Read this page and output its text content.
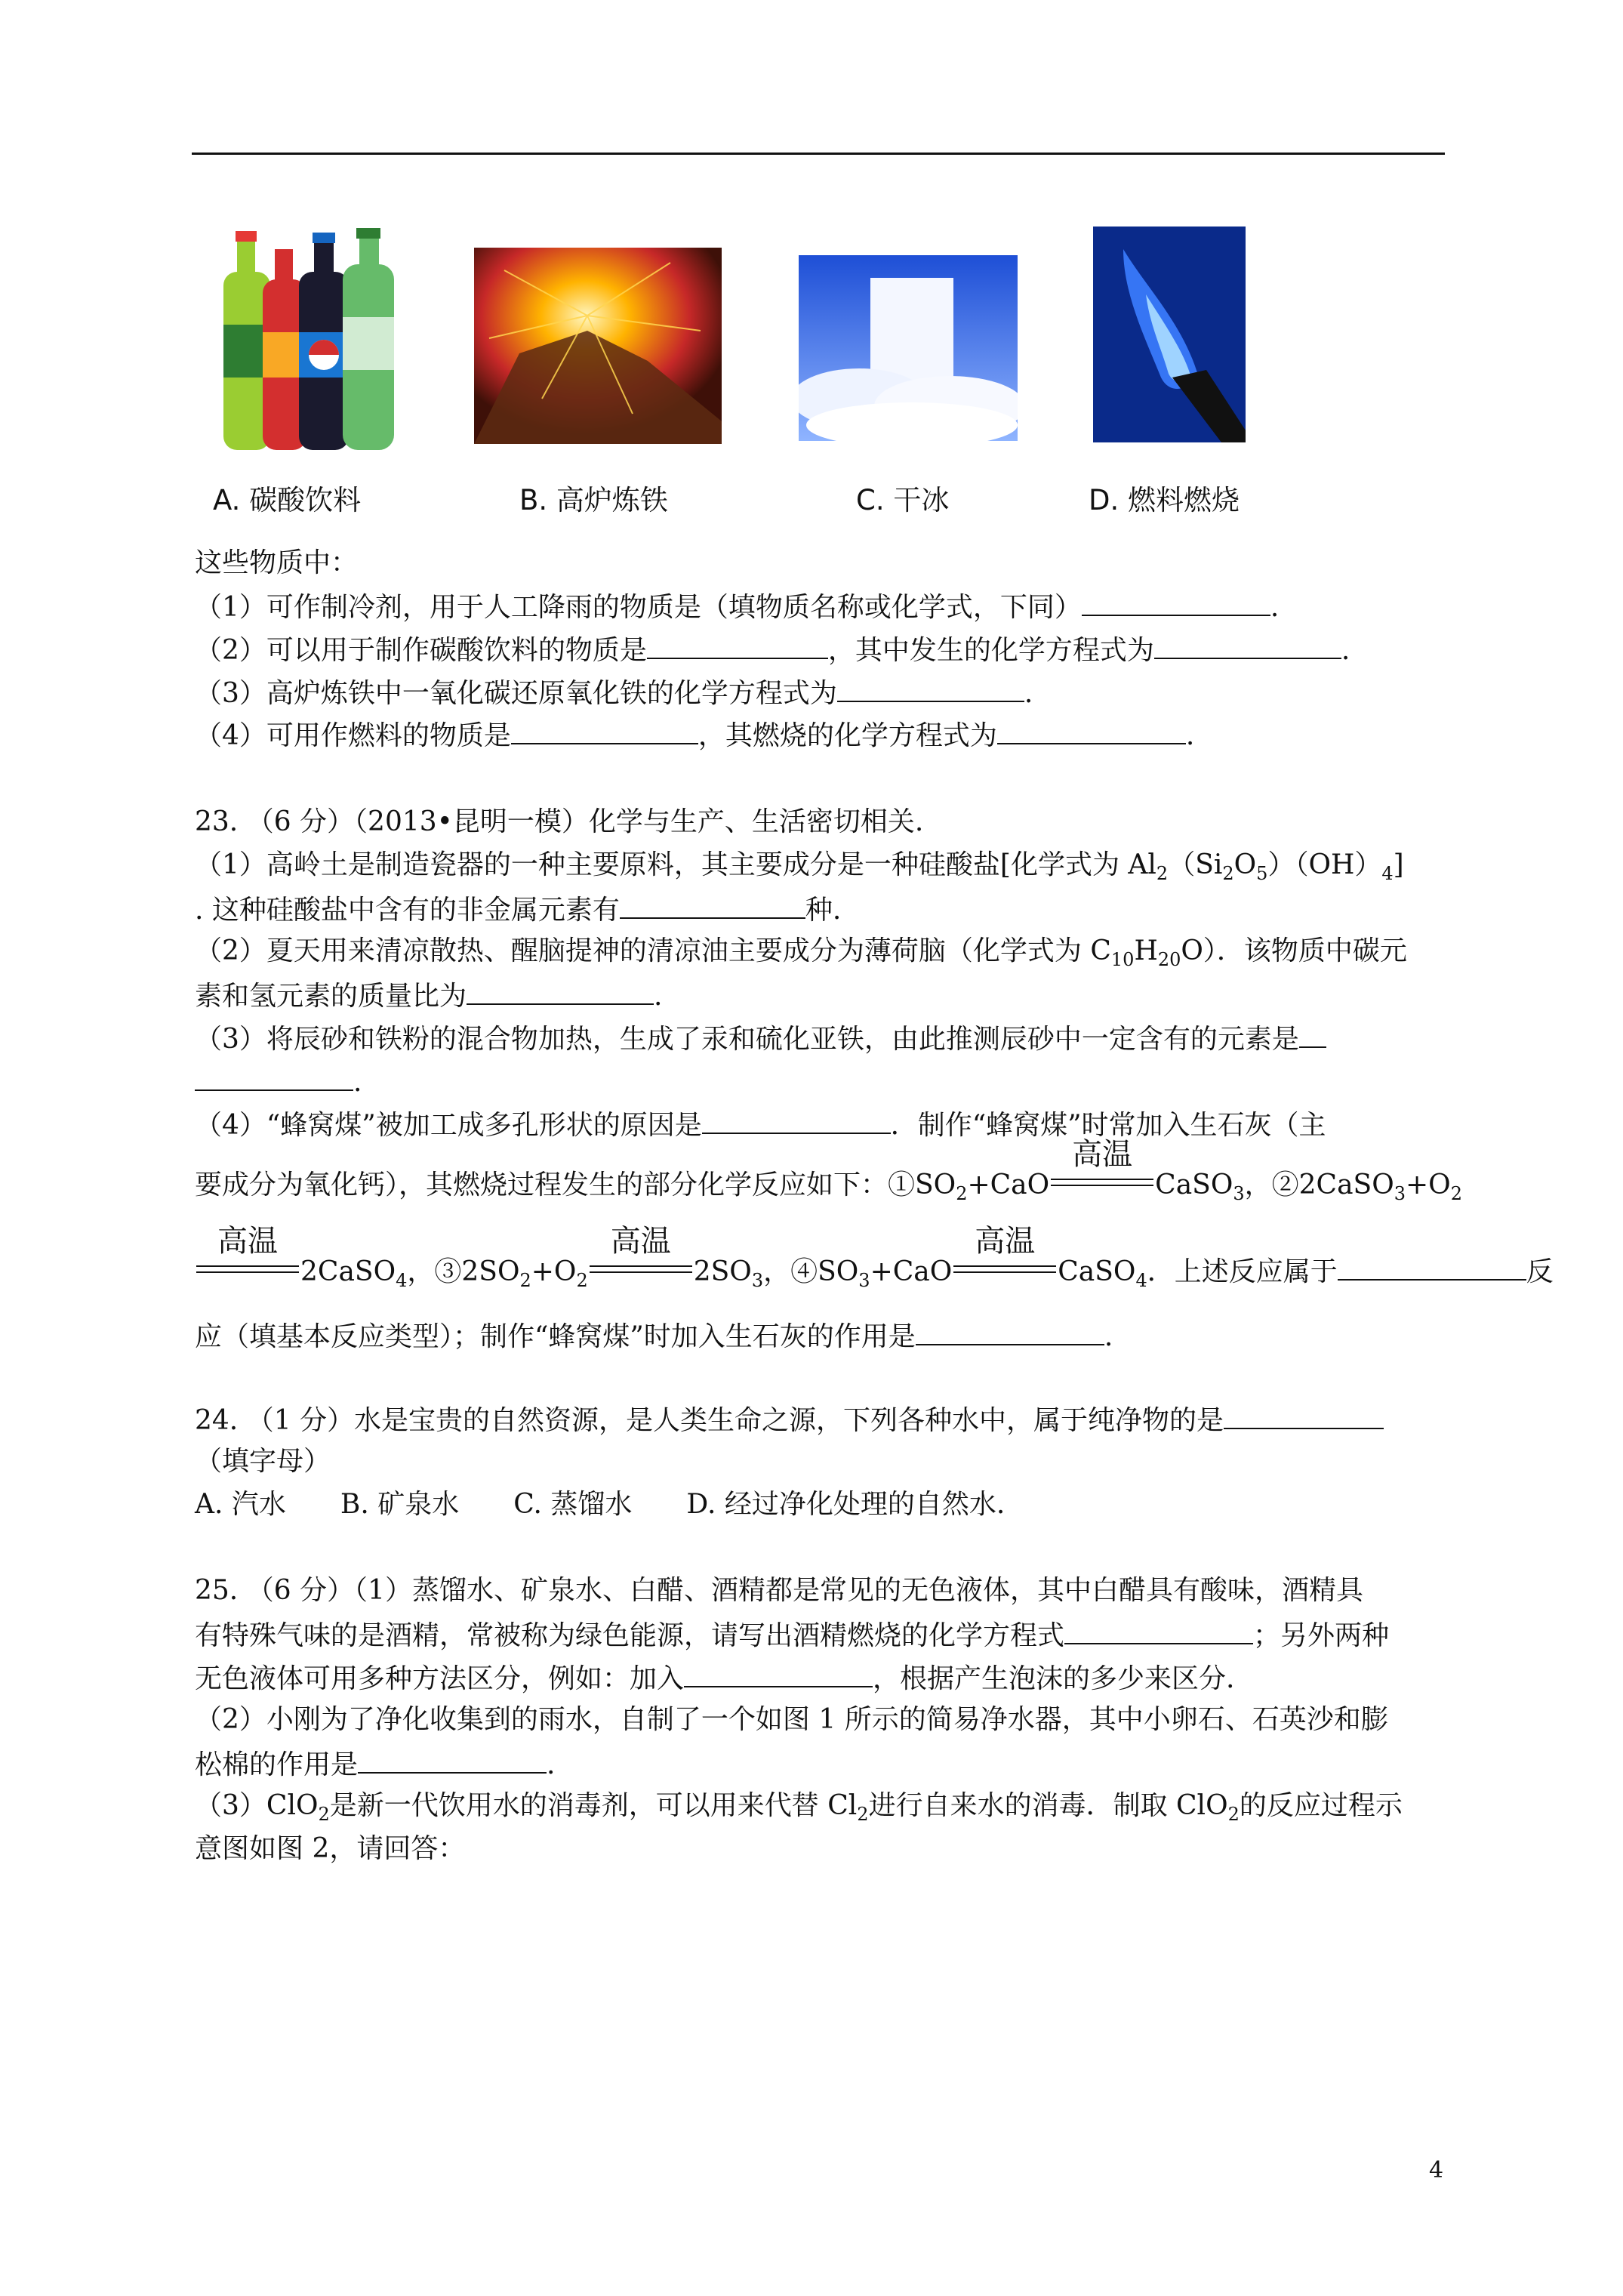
A. 碳酸饮料	B. 高炉炼铁	C. 干冰	D. 燃料燃烧
这些物质中：
（1）可作制冷剂，用于人工降雨的物质是（填物质名称或化学式，下同）	.
（2）可以用于制作碳酸饮料的物质是	，其中发生的化学方程式为	.
（3）高炉炼铁中一氧化碳还原氧化铁的化学方程式为	.
（4）可用作燃料的物质是	，其燃烧的化学方程式为	.
23. （6 分）（2013•昆明一模）化学与生产、生活密切相关.
（1）高岭土是制造瓷器的一种主要原料，其主要成分是一种硅酸盐[化学式为 $Al_2(Si_2O_5)(OH)_4$]
. 这种硅酸盐中含有的非金属元素有	种.
（2）夏天用来清凉散热、醒脑提神的清凉油主要成分为薄荷脑（化学式为 $C_{10}H_{20}O$）．该物质中碳元
素和氢元素的质量比为	.
（3）将辰砂和铁粉的混合物加热，生成了汞和硫化亚铁，由此推测辰砂中一定含有的元素是
.
（4）“蜂窝煤”被加工成多孔形状的原因是	．制作“蜂窝煤”时常加入生石灰（主
要成分为氧化钙），其燃烧过程发生的部分化学反应如下：$①SO_2+CaO$
高温
CaSO$_3$，$②2CaSO_3+O_2$
高温
2CaSO$_4$，$③2SO_2+O_2$
高温
$2SO_3$，$④SO_3+CaO$
高温
CaSO$_4$．上述反应属于	反
应（填基本反应类型）；制作“蜂窝煤”时加入生石灰的作用是	.
24. （1 分）水是宝贵的自然资源，是人类生命之源，下列各种水中，属于纯净物的是
（填字母）
A. 汽水　　B. 矿泉水　　C. 蒸馏水　　D. 经过净化处理的自然水.
25. （6 分）（1）蒸馏水、矿泉水、白醋、酒精都是常见的无色液体，其中白醋具有酸味，酒精具
有特殊气味的是酒精，常被称为绿色能源，请写出酒精燃烧的化学方程式	；另外两种
无色液体可用多种方法区分，例如：加入	，根据产生泡沫的多少来区分.
（2）小刚为了净化收集到的雨水，自制了一个如图 1 所示的简易净水器，其中小卵石、石英沙和膨
松棉的作用是	.
（3）ClO$_2$是新一代饮用水的消毒剂，可以用来代替 $Cl_2$进行自来水的消毒．制取 ClO$_2$的反应过程示
意图如图 2，请回答：
4
